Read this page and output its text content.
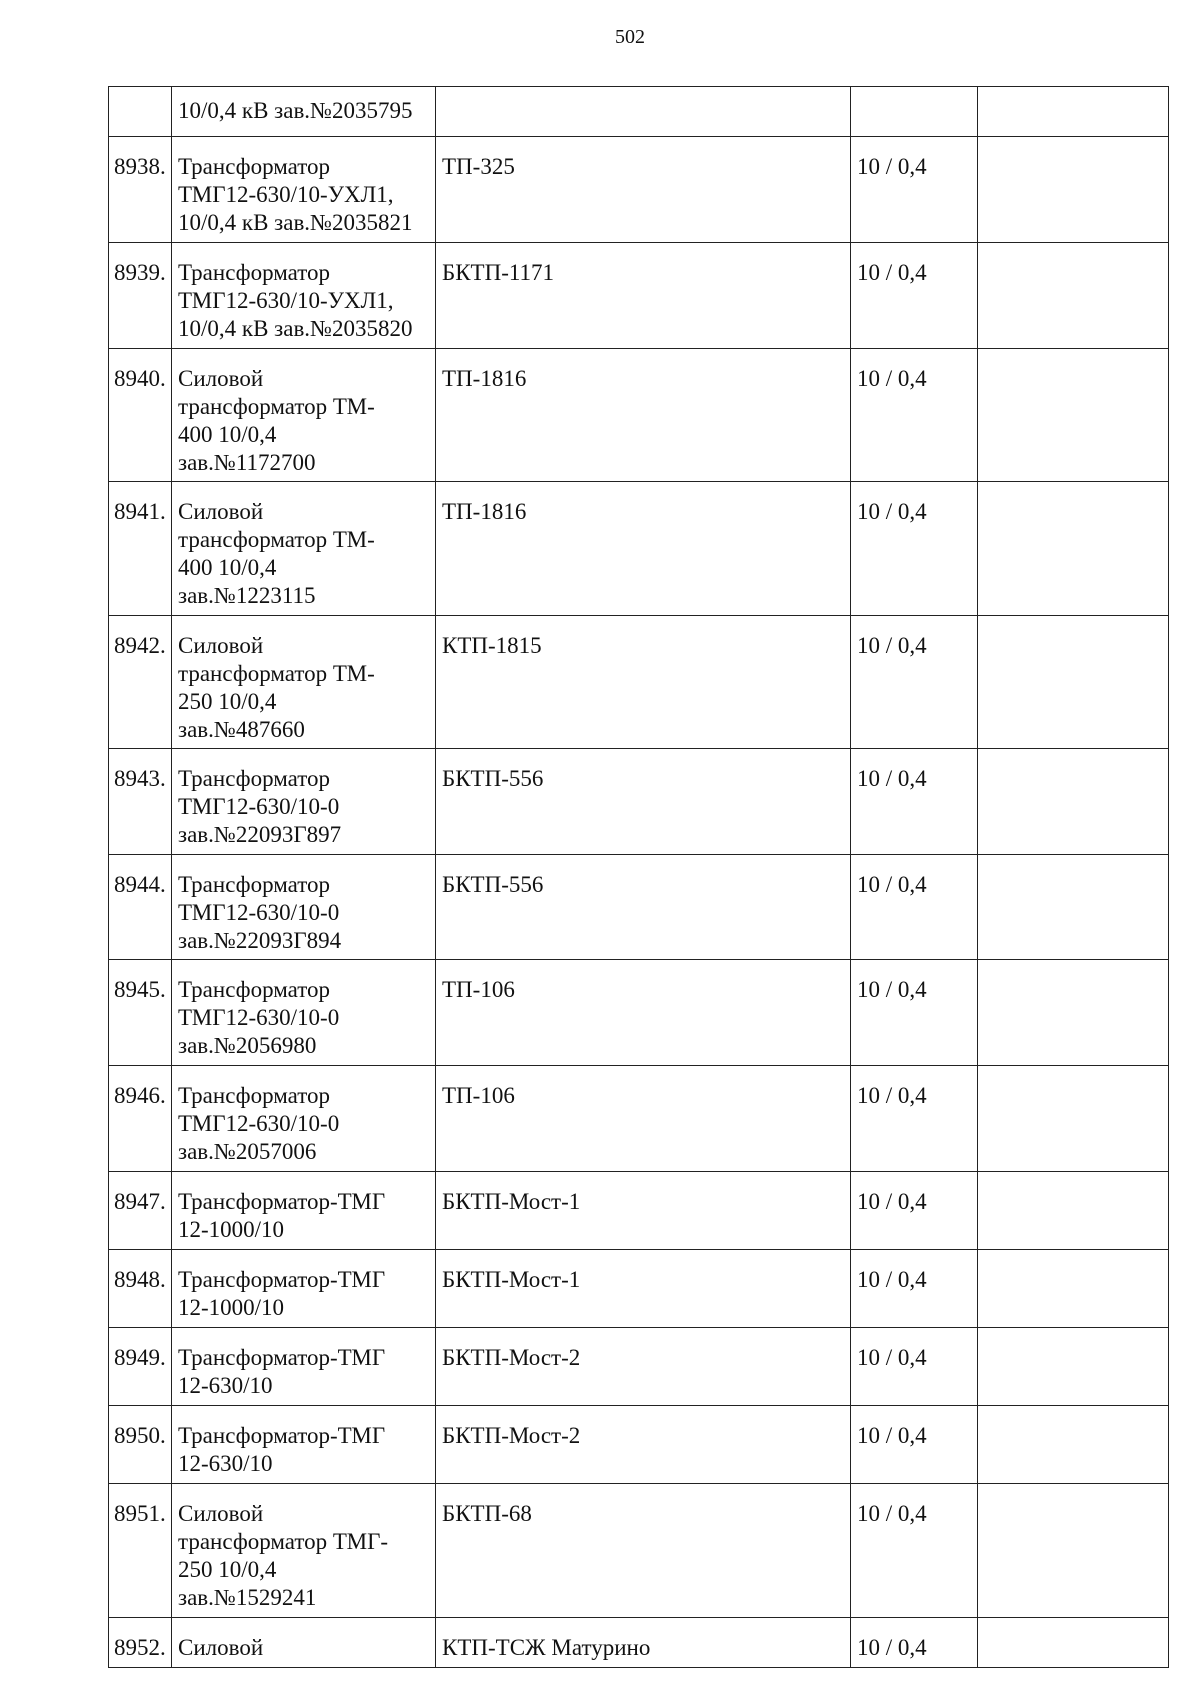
502
	10/0,4 кВ зав.№2035795			
8938.	Трансформатор
ТМГ12-630/10-УХЛ1,
10/0,4 кВ зав.№2035821	ТП-325	10 / 0,4	
8939.	Трансформатор
ТМГ12-630/10-УХЛ1,
10/0,4 кВ зав.№2035820	БКТП-1171	10 / 0,4	
8940.	Силовой
трансформатор ТМ-
400 10/0,4
зав.№1172700	ТП-1816	10 / 0,4	
8941.	Силовой
трансформатор ТМ-
400 10/0,4
зав.№1223115	ТП-1816	10 / 0,4	
8942.	Силовой
трансформатор ТМ-
250 10/0,4
зав.№487660	КТП-1815	10 / 0,4	
8943.	Трансформатор
ТМГ12-630/10-0
зав.№22093Г897	БКТП-556	10 / 0,4	
8944.	Трансформатор
ТМГ12-630/10-0
зав.№22093Г894	БКТП-556	10 / 0,4	
8945.	Трансформатор
ТМГ12-630/10-0
зав.№2056980	ТП-106	10 / 0,4	
8946.	Трансформатор
ТМГ12-630/10-0
зав.№2057006	ТП-106	10 / 0,4	
8947.	Трансформатор-ТМГ
12-1000/10	БКТП-Мост-1	10 / 0,4	
8948.	Трансформатор-ТМГ
12-1000/10	БКТП-Мост-1	10 / 0,4	
8949.	Трансформатор-ТМГ
12-630/10	БКТП-Мост-2	10 / 0,4	
8950.	Трансформатор-ТМГ
12-630/10	БКТП-Мост-2	10 / 0,4	
8951.	Силовой
трансформатор ТМГ-
250 10/0,4
зав.№1529241	БКТП-68	10 / 0,4	
8952.	Силовой	КТП-ТСЖ Матурино	10 / 0,4	
